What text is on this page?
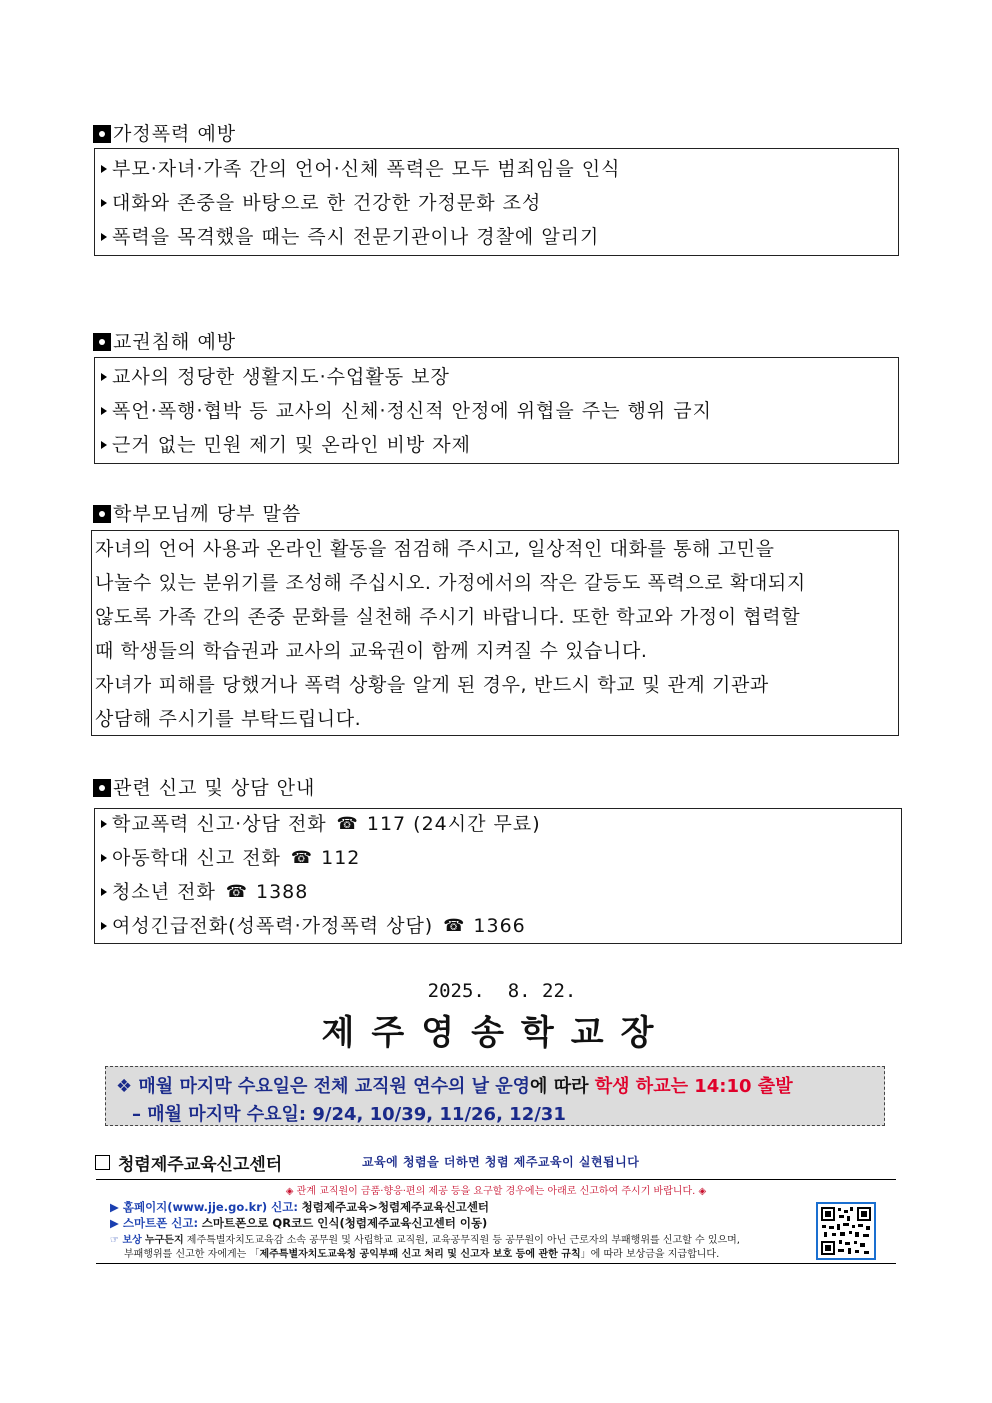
가정폭력 예방
부모·자녀·가족 간의 언어·신체 폭력은 모두 범죄임을 인식
대화와 존중을 바탕으로 한 건강한 가정문화 조성
폭력을 목격했을 때는 즉시 전문기관이나 경찰에 알리기
교권침해 예방
교사의 정당한 생활지도·수업활동 보장
폭언·폭행·협박 등 교사의 신체·정신적 안정에 위협을 주는 행위 금지
근거 없는 민원 제기 및 온라인 비방 자제
학부모님께 당부 말씀
자녀의 언어 사용과 온라인 활동을 점검해 주시고, 일상적인 대화를 통해 고민을
나눌수 있는 분위기를 조성해 주십시오. 가정에서의 작은 갈등도 폭력으로 확대되지
않도록 가족 간의 존중 문화를 실천해 주시기 바랍니다. 또한 학교와 가정이 협력할
때 학생들의 학습권과 교사의 교육권이 함께 지켜질 수 있습니다.
자녀가 피해를 당했거나 폭력 상황을 알게 된 경우, 반드시 학교 및 관계 기관과
상담해 주시기를 부탁드립니다.
관련 신고 및 상담 안내
학교폭력 신고·상담 전화 ☎ 117 (24시간 무료)
아동학대 신고 전화 ☎ 112
청소년 전화 ☎ 1388
여성긴급전화(성폭력·가정폭력 상담) ☎ 1366
2025.  8. 22.
제주영송학교장
❖ 매월 마지막 수요일은 전체 교직원 연수의 날 운영에 따라 학생 하교는 14:10 출발
– 매월 마지막 수요일: 9/24, 10/39, 11/26, 12/31
청렴제주교육신고센터	교육에 청렴을 더하면 청렴 제주교육이 실현됩니다
◈ 관계 교직원이 금품·향응·편의 제공 등을 요구할 경우에는 아래로 신고하여 주시기 바랍니다. ◈
▶ 홈페이지(www.jje.go.kr) 신고: 청렴제주교육>청렴제주교육신고센터
▶ 스마트폰 신고: 스마트폰으로 QR코드 인식(청렴제주교육신고센터 이동)
☞ 보상 누구든지 제주특별자치도교육감 소속 공무원 및 사립학교 교직원, 교육공무직원 등 공무원이 아닌 근로자의 부패행위를 신고할 수 있으며,
부패행위를 신고한 자에게는 「제주특별자치도교육청 공익부패 신고 처리 및 신고자 보호 등에 관한 규칙」에 따라 보상금을 지급합니다.
